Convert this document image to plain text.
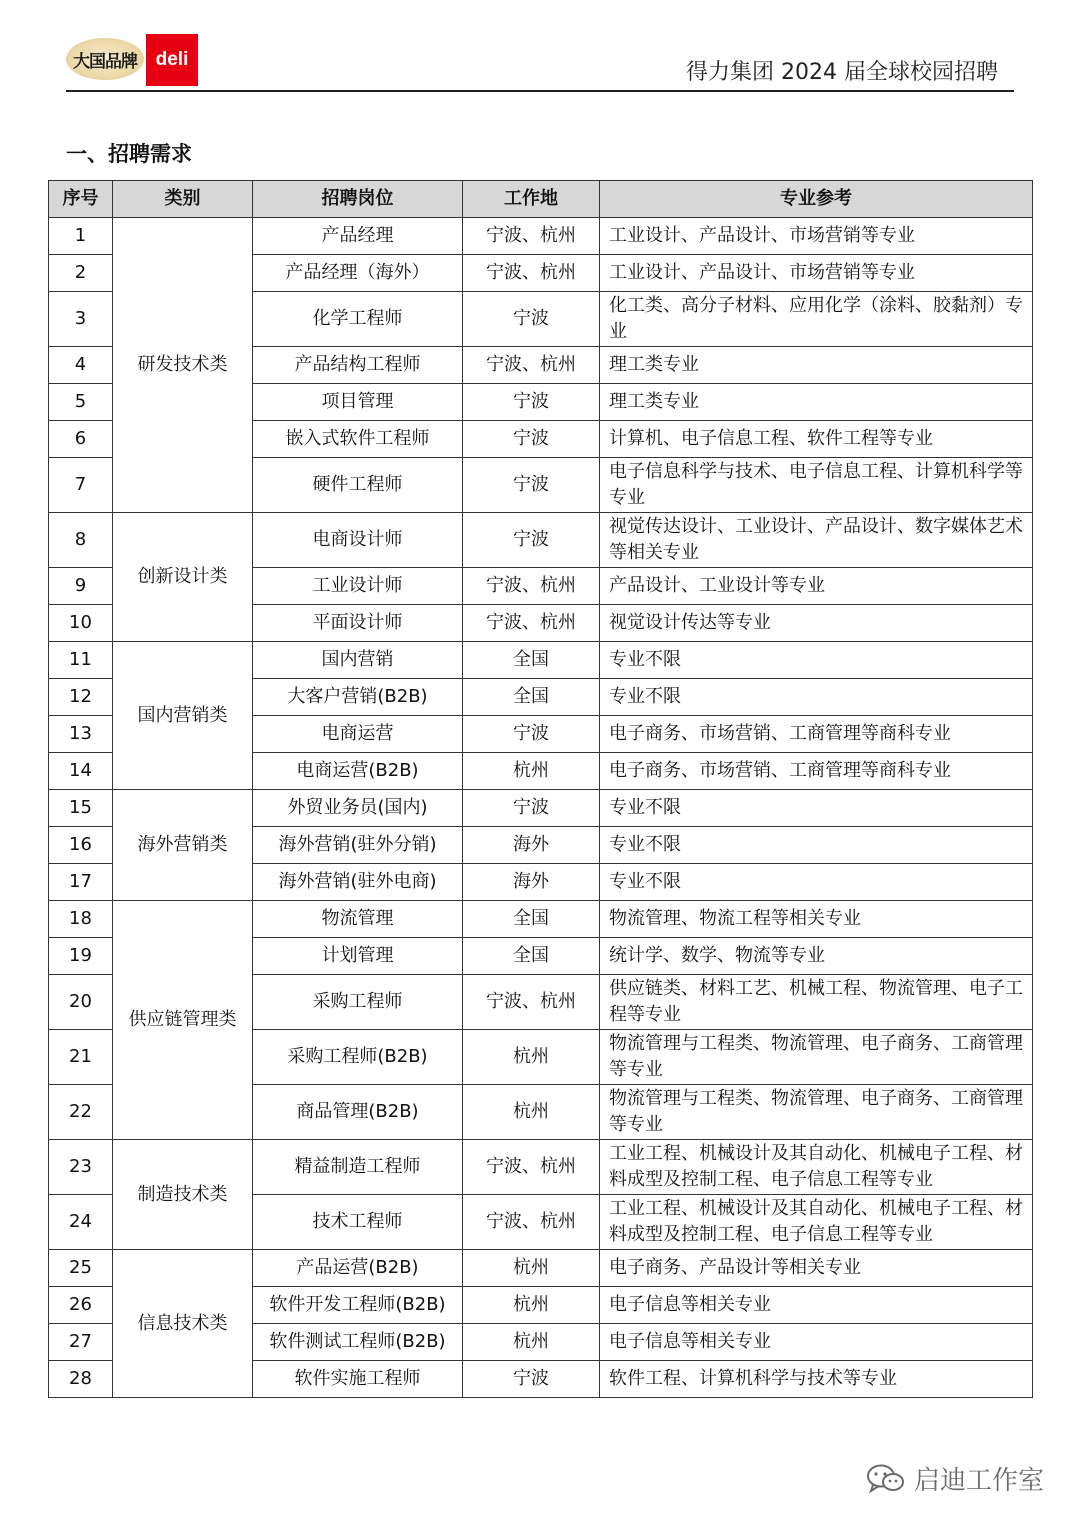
大国品牌 deli
得力集团 2024 届全球校园招聘
一、招聘需求
序号	类别	招聘岗位	工作地	专业参考
1	研发技术类	产品经理	宁波、杭州	工业设计、产品设计、市场营销等专业
2		产品经理（海外）	宁波、杭州	工业设计、产品设计、市场营销等专业
3		化学工程师	宁波	化工类、高分子材料、应用化学（涂料、胶黏剂）专业
4		产品结构工程师	宁波、杭州	理工类专业
5		项目管理	宁波	理工类专业
6		嵌入式软件工程师	宁波	计算机、电子信息工程、软件工程等专业
7		硬件工程师	宁波	电子信息科学与技术、电子信息工程、计算机科学等专业
8	创新设计类	电商设计师	宁波	视觉传达设计、工业设计、产品设计、数字媒体艺术等相关专业
9		工业设计师	宁波、杭州	产品设计、工业设计等专业
10		平面设计师	宁波、杭州	视觉设计传达等专业
11	国内营销类	国内营销	全国	专业不限
12		大客户营销(B2B)	全国	专业不限
13		电商运营	宁波	电子商务、市场营销、工商管理等商科专业
14		电商运营(B2B)	杭州	电子商务、市场营销、工商管理等商科专业
15	海外营销类	外贸业务员(国内)	宁波	专业不限
16		海外营销(驻外分销)	海外	专业不限
17		海外营销(驻外电商)	海外	专业不限
18	供应链管理类	物流管理	全国	物流管理、物流工程等相关专业
19		计划管理	全国	统计学、数学、物流等专业
20		采购工程师	宁波、杭州	供应链类、材料工艺、机械工程、物流管理、电子工程等专业
21		采购工程师(B2B)	杭州	物流管理与工程类、物流管理、电子商务、工商管理等专业
22		商品管理(B2B)	杭州	物流管理与工程类、物流管理、电子商务、工商管理等专业
23	制造技术类	精益制造工程师	宁波、杭州	工业工程、机械设计及其自动化、机械电子工程、材料成型及控制工程、电子信息工程等专业
24		技术工程师	宁波、杭州	工业工程、机械设计及其自动化、机械电子工程、材料成型及控制工程、电子信息工程等专业
25	信息技术类	产品运营(B2B)	杭州	电子商务、产品设计等相关专业
26		软件开发工程师(B2B)	杭州	电子信息等相关专业
27		软件测试工程师(B2B)	杭州	电子信息等相关专业
28		软件实施工程师	宁波	软件工程、计算机科学与技术等专业
启迪工作室
